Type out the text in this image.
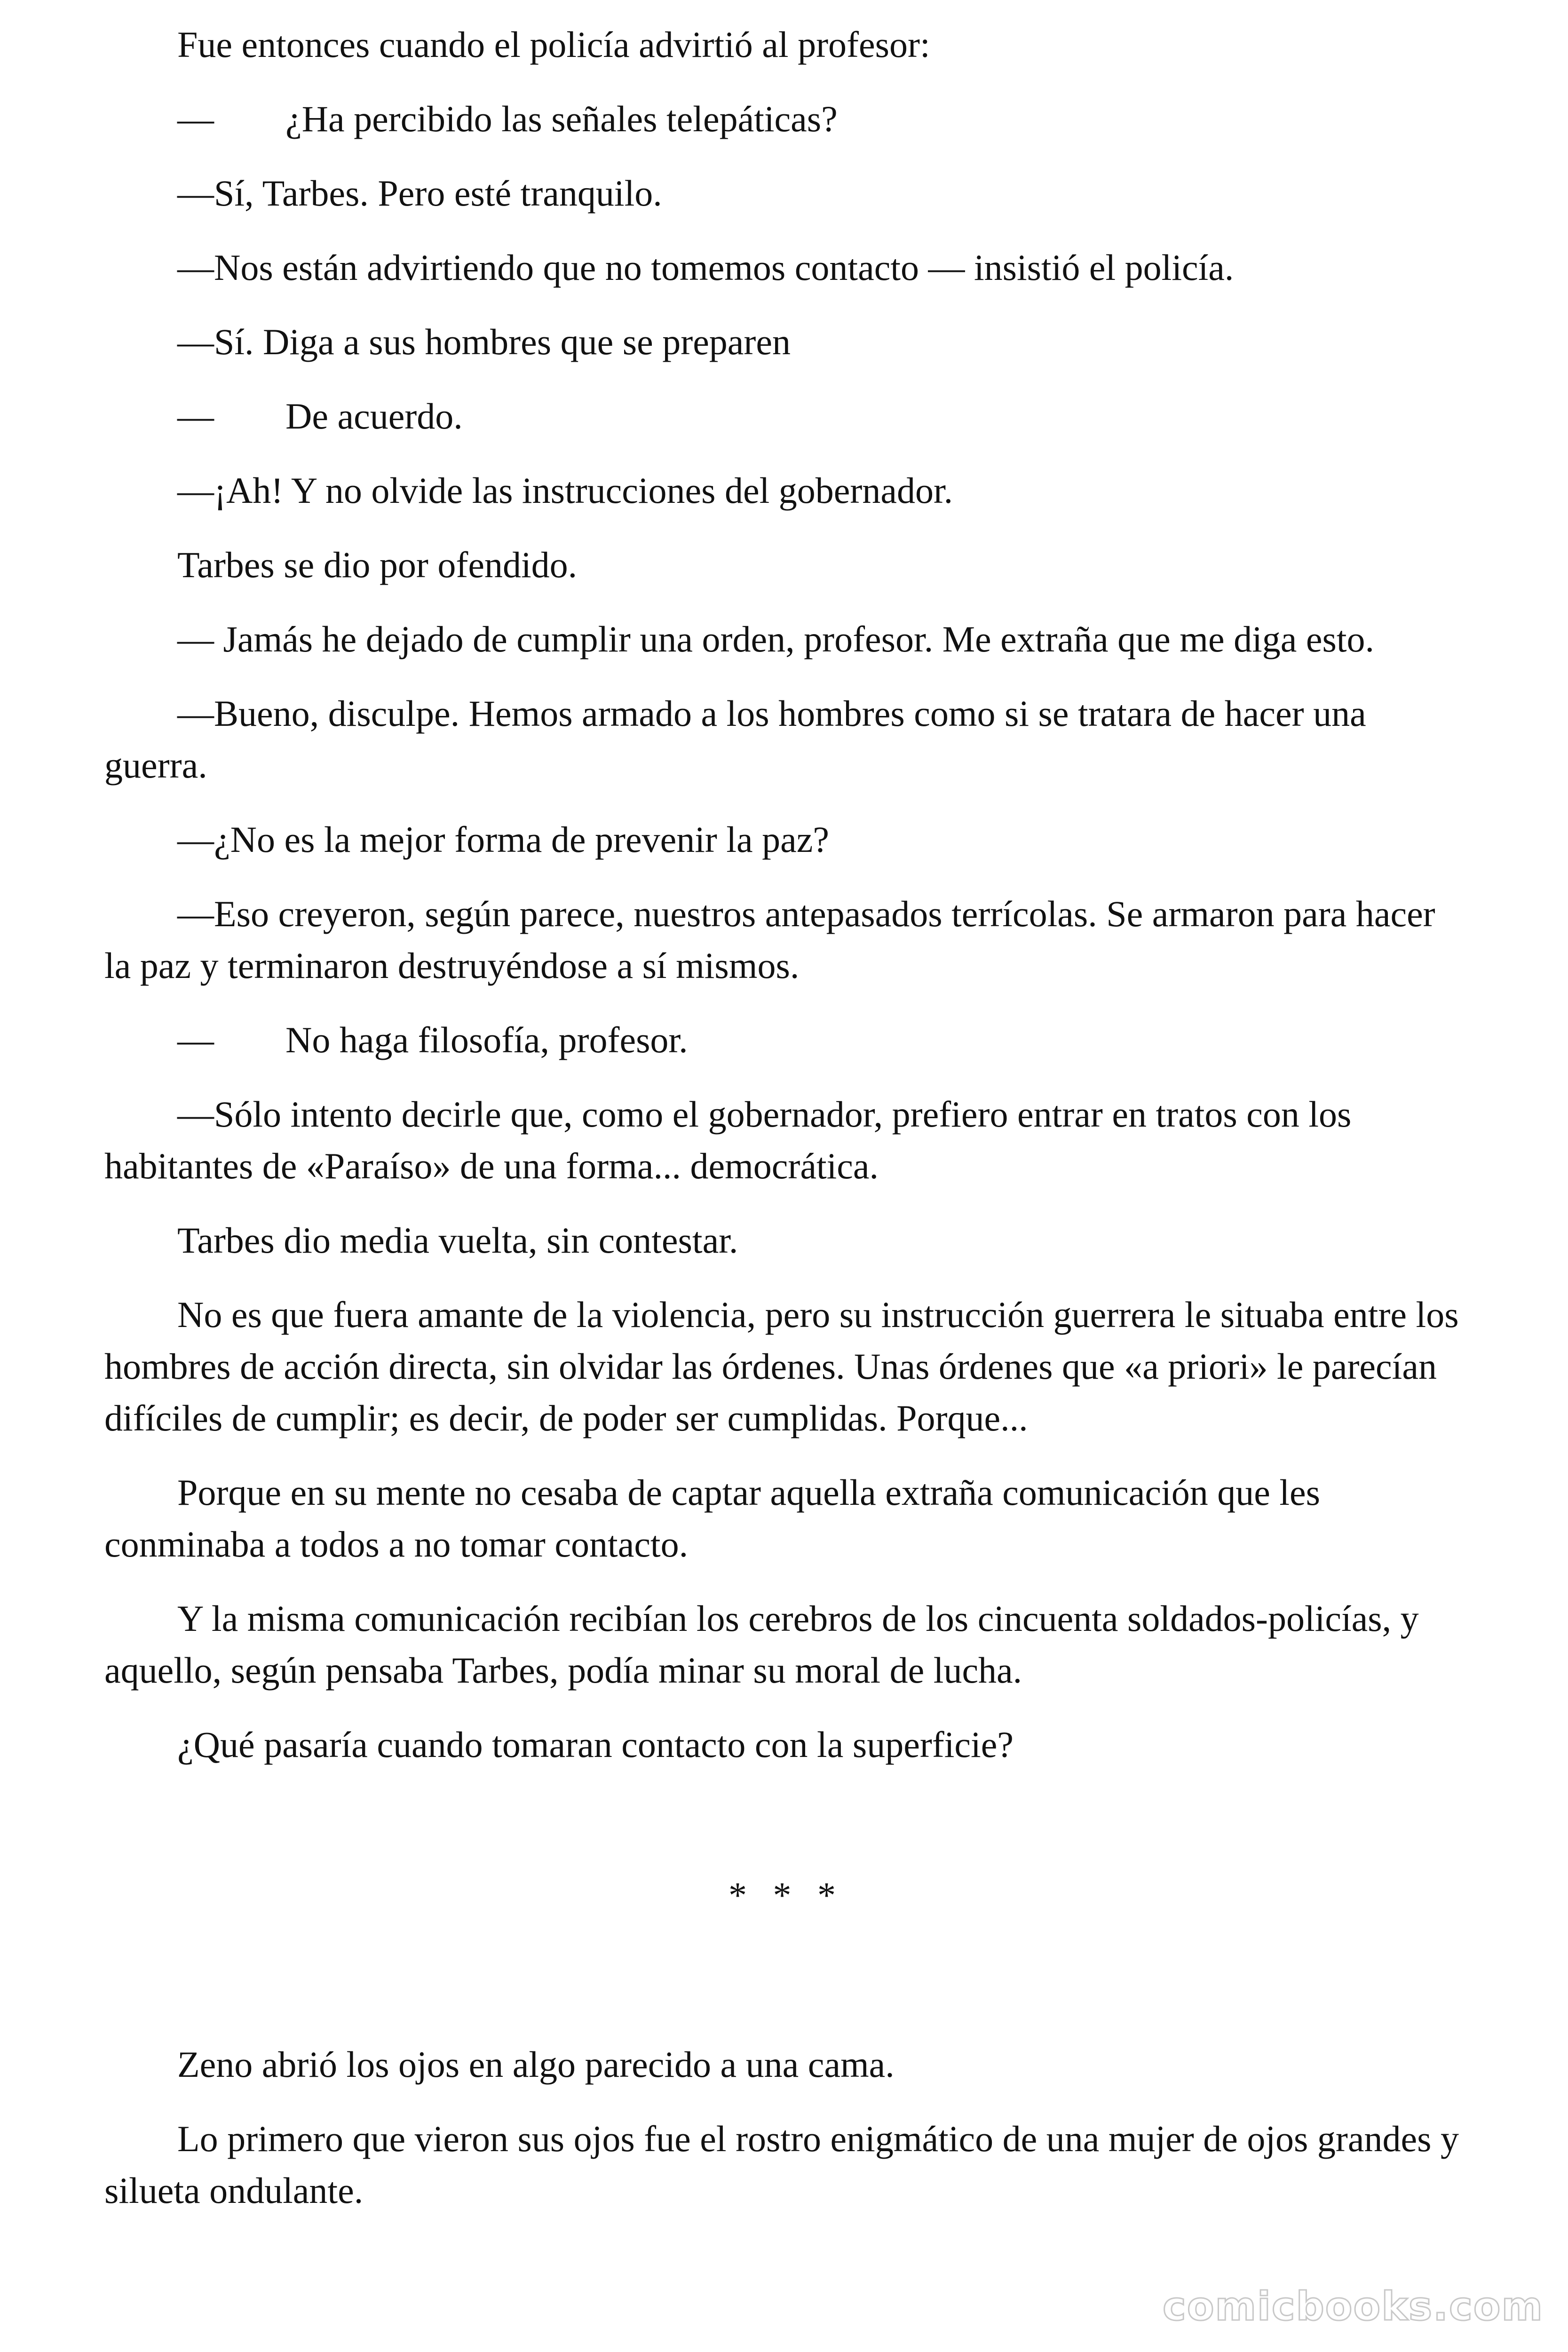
Fue entonces cuando el policía advirtió al profesor:

— ¿Ha percibido las señales telepáticas?

—Sí, Tarbes. Pero esté tranquilo.

—Nos están advirtiendo que no tomemos contacto — insistió el policía.

—Sí. Diga a sus hombres que se preparen

— De acuerdo.

—¡Ah! Y no olvide las instrucciones del gobernador.

Tarbes se dio por ofendido.

— Jamás he dejado de cumplir una orden, profesor. Me extraña que me diga esto.

—Bueno, disculpe. Hemos armado a los hombres como si se tratara de hacer una guerra.

—¿No es la mejor forma de prevenir la paz?

—Eso creyeron, según parece, nuestros antepasados terrícolas. Se armaron para hacer la paz y terminaron destruyéndose a sí mismos.

— No haga filosofía, profesor.

—Sólo intento decirle que, como el gobernador, prefiero entrar en tratos con los habitantes de «Paraíso» de una forma... democrática.

Tarbes dio media vuelta, sin contestar.

No es que fuera amante de la violencia, pero su instrucción guerrera le situaba entre los hombres de acción directa, sin olvidar las órdenes. Unas órdenes que «a priori» le parecían difíciles de cumplir; es decir, de poder ser cumplidas. Porque...

Porque en su mente no cesaba de captar aquella extraña comunicación que les conminaba a todos a no tomar contacto.

Y la misma comunicación recibían los cerebros de los cincuenta soldados-policías, y aquello, según pensaba Tarbes, podía minar su moral de lucha.

¿Qué pasaría cuando tomaran contacto con la superficie?

* * *

Zeno abrió los ojos en algo parecido a una cama.

Lo primero que vieron sus ojos fue el rostro enigmático de una mujer de ojos grandes y silueta ondulante.

comicbooks.com
